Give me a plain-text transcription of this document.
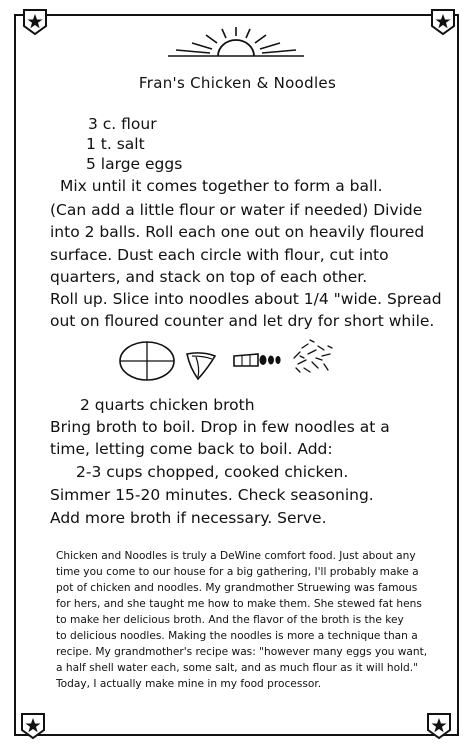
Fran's Chicken & Noodles
3 c. flour
1 t. salt
5 large eggs
Mix until it comes together to form a ball.
(Can add a little flour or water if needed) Divide
into 2 balls. Roll each one out on heavily floured
surface. Dust each circle with flour, cut into
quarters, and stack on top of each other.
Roll up. Slice into noodles about 1/4 "wide. Spread
out on floured counter and let dry for short while.
2 quarts chicken broth
Bring broth to boil. Drop in few noodles at a
time, letting come back to boil. Add:
2-3 cups chopped, cooked chicken.
Simmer 15-20 minutes. Check seasoning.
Add more broth if necessary. Serve.
Chicken and Noodles is truly a DeWine comfort food. Just about any
time you come to our house for a big gathering, I'll probably make a
pot of chicken and noodles. My grandmother Struewing was famous
for hers, and she taught me how to make them. She stewed fat hens
to make her delicious broth. And the flavor of the broth is the key
to delicious noodles. Making the noodles is more a technique than a
recipe. My grandmother's recipe was: "however many eggs you want,
a half shell water each, some salt, and as much flour as it will hold."
Today, I actually make mine in my food processor.
